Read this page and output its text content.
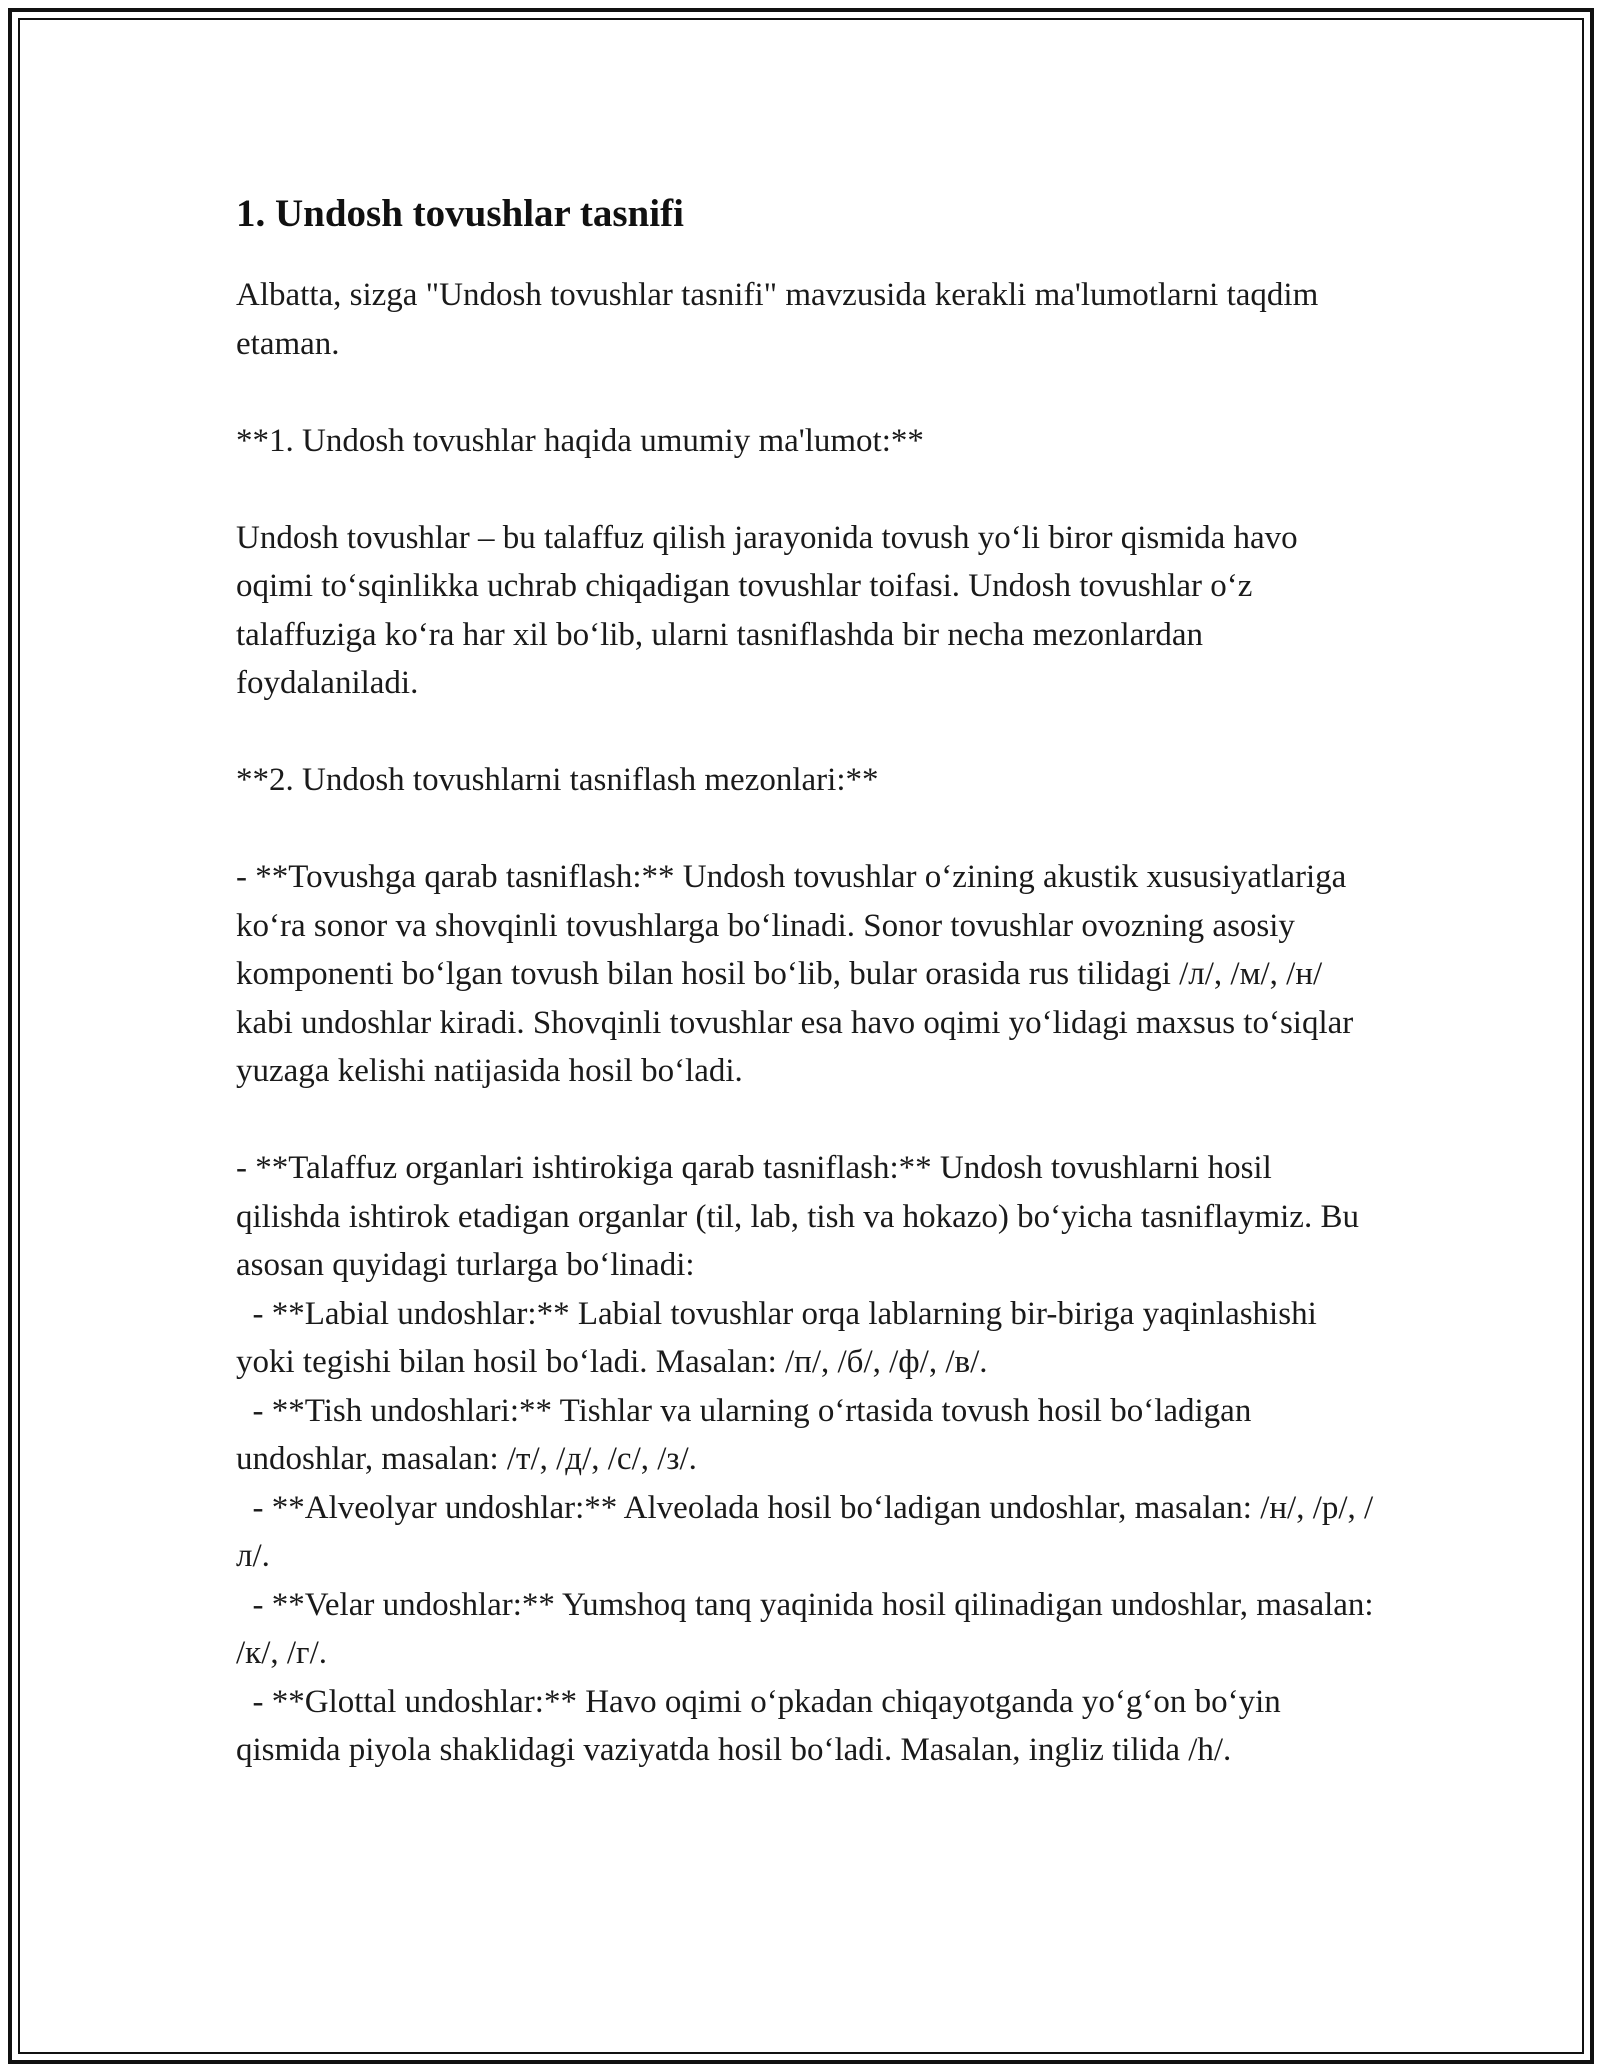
1. Undosh tovushlar tasnifi

Albatta, sizga "Undosh tovushlar tasnifi" mavzusida kerakli ma'lumotlarni taqdim etaman.

**1. Undosh tovushlar haqida umumiy ma'lumot:**

Undosh tovushlar – bu talaffuz qilish jarayonida tovush yo‘li biror qismida havo oqimi to‘sqinlikka uchrab chiqadigan tovushlar toifasi. Undosh tovushlar o‘z talaffuziga ko‘ra har xil bo‘lib, ularni tasniflashda bir necha mezonlardan foydalaniladi.

**2. Undosh tovushlarni tasniflash mezonlari:**

- **Tovushga qarab tasniflash:** Undosh tovushlar o‘zining akustik xususiyatlariga ko‘ra sonor va shovqinli tovushlarga bo‘linadi. Sonor tovushlar ovozning asosiy komponenti bo‘lgan tovush bilan hosil bo‘lib, bular orasida rus tilidagi /л/, /м/, /н/ kabi undoshlar kiradi. Shovqinli tovushlar esa havo oqimi yo‘lidagi maxsus to‘siqlar yuzaga kelishi natijasida hosil bo‘ladi.

- **Talaffuz organlari ishtirokiga qarab tasniflash:** Undosh tovushlarni hosil qilishda ishtirok etadigan organlar (til, lab, tish va hokazo) bo‘yicha tasniflaymiz. Bu asosan quyidagi turlarga bo‘linadi:
- **Labial undoshlar:** Labial tovushlar orqa lablarning bir-biriga yaqinlashishi yoki tegishi bilan hosil bo‘ladi. Masalan: /п/, /б/, /ф/, /в/.
- **Tish undoshlari:** Tishlar va ularning o‘rtasida tovush hosil bo‘ladigan undoshlar, masalan: /т/, /д/, /с/, /з/.
- **Alveolyar undoshlar:** Alveolada hosil bo‘ladigan undoshlar, masalan: /н/, /р/, /л/.
- **Velar undoshlar:** Yumshoq tanq yaqinida hosil qilinadigan undoshlar, masalan: /к/, /г/.
- **Glottal undoshlar:** Havo oqimi o‘pkadan chiqayotganda yo‘g‘on bo‘yin qismida piyola shaklidagi vaziyatda hosil bo‘ladi. Masalan, ingliz tilida /h/.
